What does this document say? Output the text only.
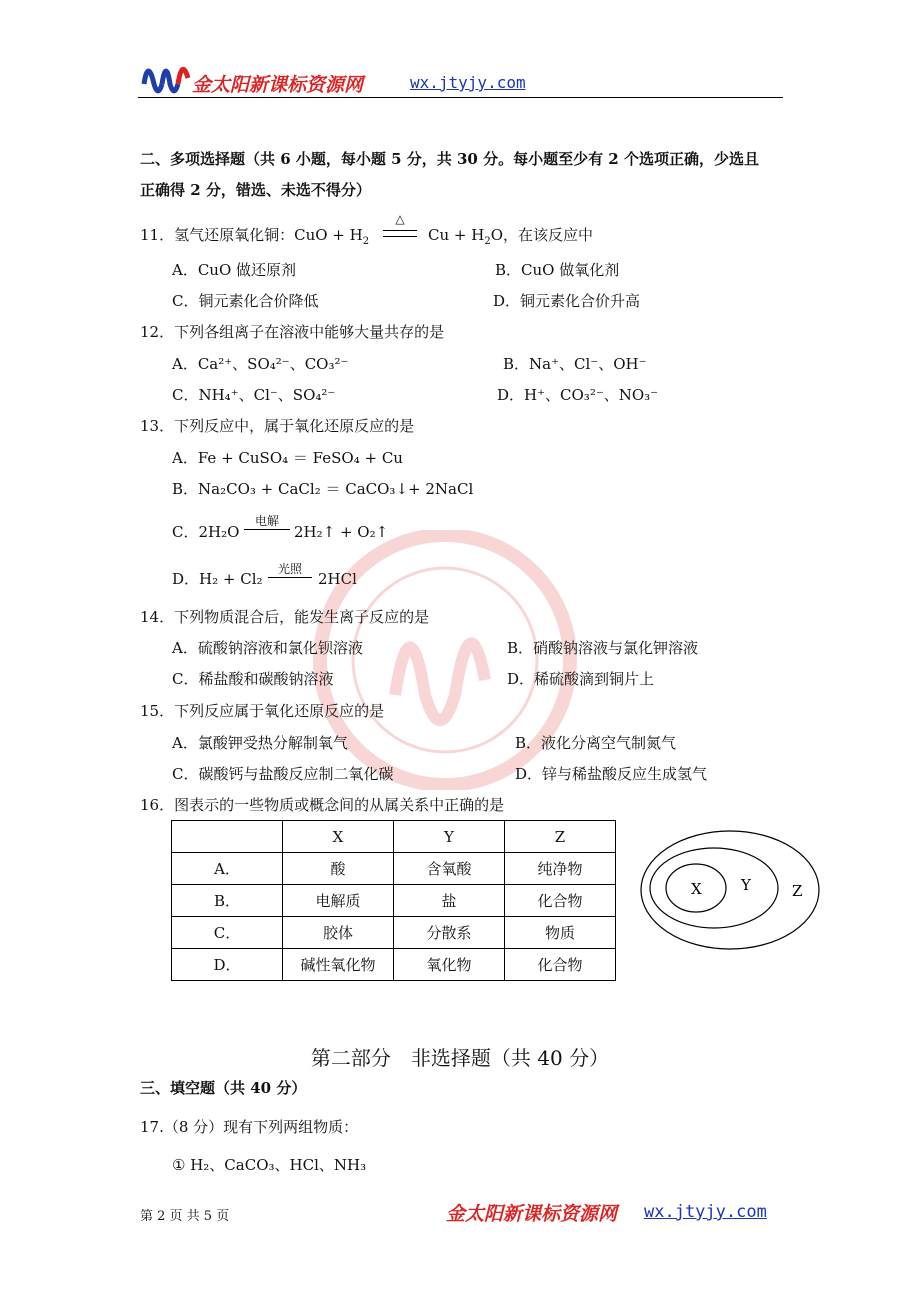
金太阳新课标资源网	wx.jtyjy.com
二、多项选择题（共 6 小题，每小题 5 分，共 30 分。每小题至少有 2 个选项正确，少选且
正确得 2 分，错选、未选不得分）
11．氢气还原氧化铜：CuO + $H_2$
△
$Cu + H_2O$，在该反应中
A．CuO 做还原剂	B．CuO 做氧化剂
C．铜元素化合价降低	D．铜元素化合价升高
12．下列各组离子在溶液中能够大量共存的是
A．Ca²⁺、SO₄²⁻、CO₃²⁻	B．Na⁺、Cl⁻、OH⁻
C．NH₄⁺、Cl⁻、SO₄²⁻	D．H⁺、CO₃²⁻、NO₃⁻
13．下列反应中，属于氧化还原反应的是
A．Fe + CuSO₄ ＝ FeSO₄ + Cu
B．Na₂CO₃ + CaCl₂ ＝ CaCO₃↓+ 2NaCl
C．2H₂O
电解
2H₂↑ + O₂↑
D．H₂ + Cl₂
光照
2HCl
14．下列物质混合后，能发生离子反应的是
A．硫酸钠溶液和氯化钡溶液	B．硝酸钠溶液与氯化钾溶液
C．稀盐酸和碳酸钠溶液	D．稀硫酸滴到铜片上
15．下列反应属于氧化还原反应的是
A．氯酸钾受热分解制氧气	B．液化分离空气制氮气
C．碳酸钙与盐酸反应制二氧化碳	D．锌与稀盐酸反应生成氢气
16．图表示的一些物质或概念间的从属关系中正确的是
	X	Y	Z
A．	酸	含氧酸	纯净物
B．	电解质	盐	化合物
C．	胶体	分散系	物质
D．	碱性氧化物	氧化物	化合物
X	Y	Z
第二部分　非选择题（共 40 分）
三、填空题（共 40 分）
17.（8 分）现有下列两组物质：
① H₂、CaCO₃、HCl、NH₃
第 2 页 共 5 页	金太阳新课标资源网 wx.jtyjy.com
